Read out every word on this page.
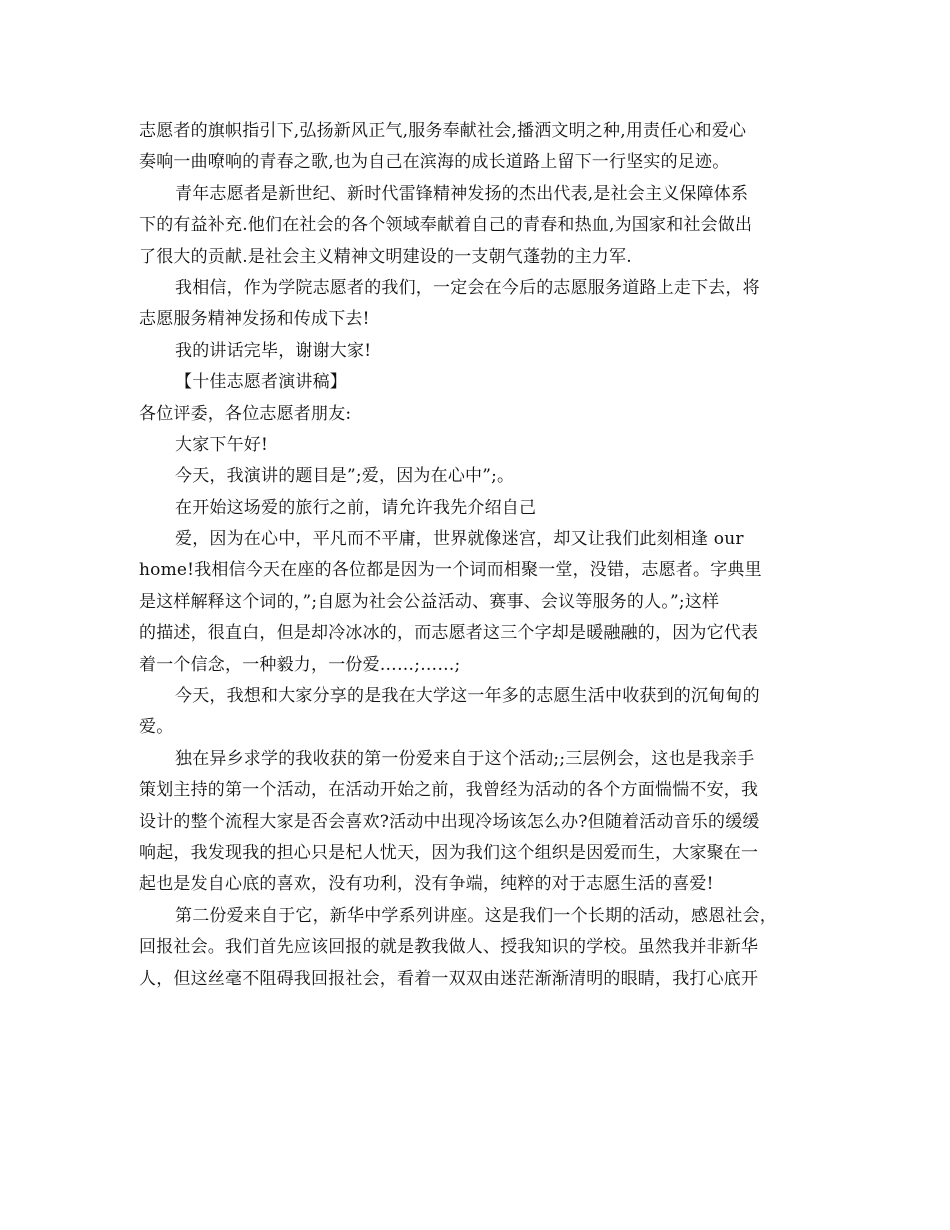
志愿者的旗帜指引下,弘扬新风正气,服务奉献社会,播洒文明之种,用责任心和爱心
奏响一曲嘹响的青春之歌,也为自己在滨海的成长道路上留下一行坚实的足迹。
青年志愿者是新世纪、新时代雷锋精神发扬的杰出代表,是社会主义保障体系
下的有益补充.他们在社会的各个领域奉献着自己的青春和热血,为国家和社会做出
了很大的贡献.是社会主义精神文明建设的一支朝气蓬勃的主力军.
我相信，作为学院志愿者的我们，一定会在今后的志愿服务道路上走下去，将
志愿服务精神发扬和传成下去!
我的讲话完毕，谢谢大家!
【十佳志愿者演讲稿】
各位评委，各位志愿者朋友:
大家下午好!
今天，我演讲的题目是”;爱，因为在心中”;。
在开始这场爱的旅行之前，请允许我先介绍自己
爱，因为在心中，平凡而不平庸，世界就像迷宫，却又让我们此刻相逢 our
home!我相信今天在座的各位都是因为一个词而相聚一堂，没错，志愿者。字典里
是这样解释这个词的，”;自愿为社会公益活动、赛事、会议等服务的人。”;这样
的描述，很直白，但是却冷冰冰的，而志愿者这三个字却是暖融融的，因为它代表
着一个信念，一种毅力，一份爱……;……;
今天，我想和大家分享的是我在大学这一年多的志愿生活中收获到的沉甸甸的
爱。
独在异乡求学的我收获的第一份爱来自于这个活动;;三层例会，这也是我亲手
策划主持的第一个活动，在活动开始之前，我曾经为活动的各个方面惴惴不安，我
设计的整个流程大家是否会喜欢?活动中出现冷场该怎么办?但随着活动音乐的缓缓
响起，我发现我的担心只是杞人忧天，因为我们这个组织是因爱而生，大家聚在一
起也是发自心底的喜欢，没有功利，没有争端，纯粹的对于志愿生活的喜爱!
第二份爱来自于它，新华中学系列讲座。这是我们一个长期的活动，感恩社会，
回报社会。我们首先应该回报的就是教我做人、授我知识的学校。虽然我并非新华
人，但这丝毫不阻碍我回报社会，看着一双双由迷茫渐渐清明的眼睛，我打心底开
